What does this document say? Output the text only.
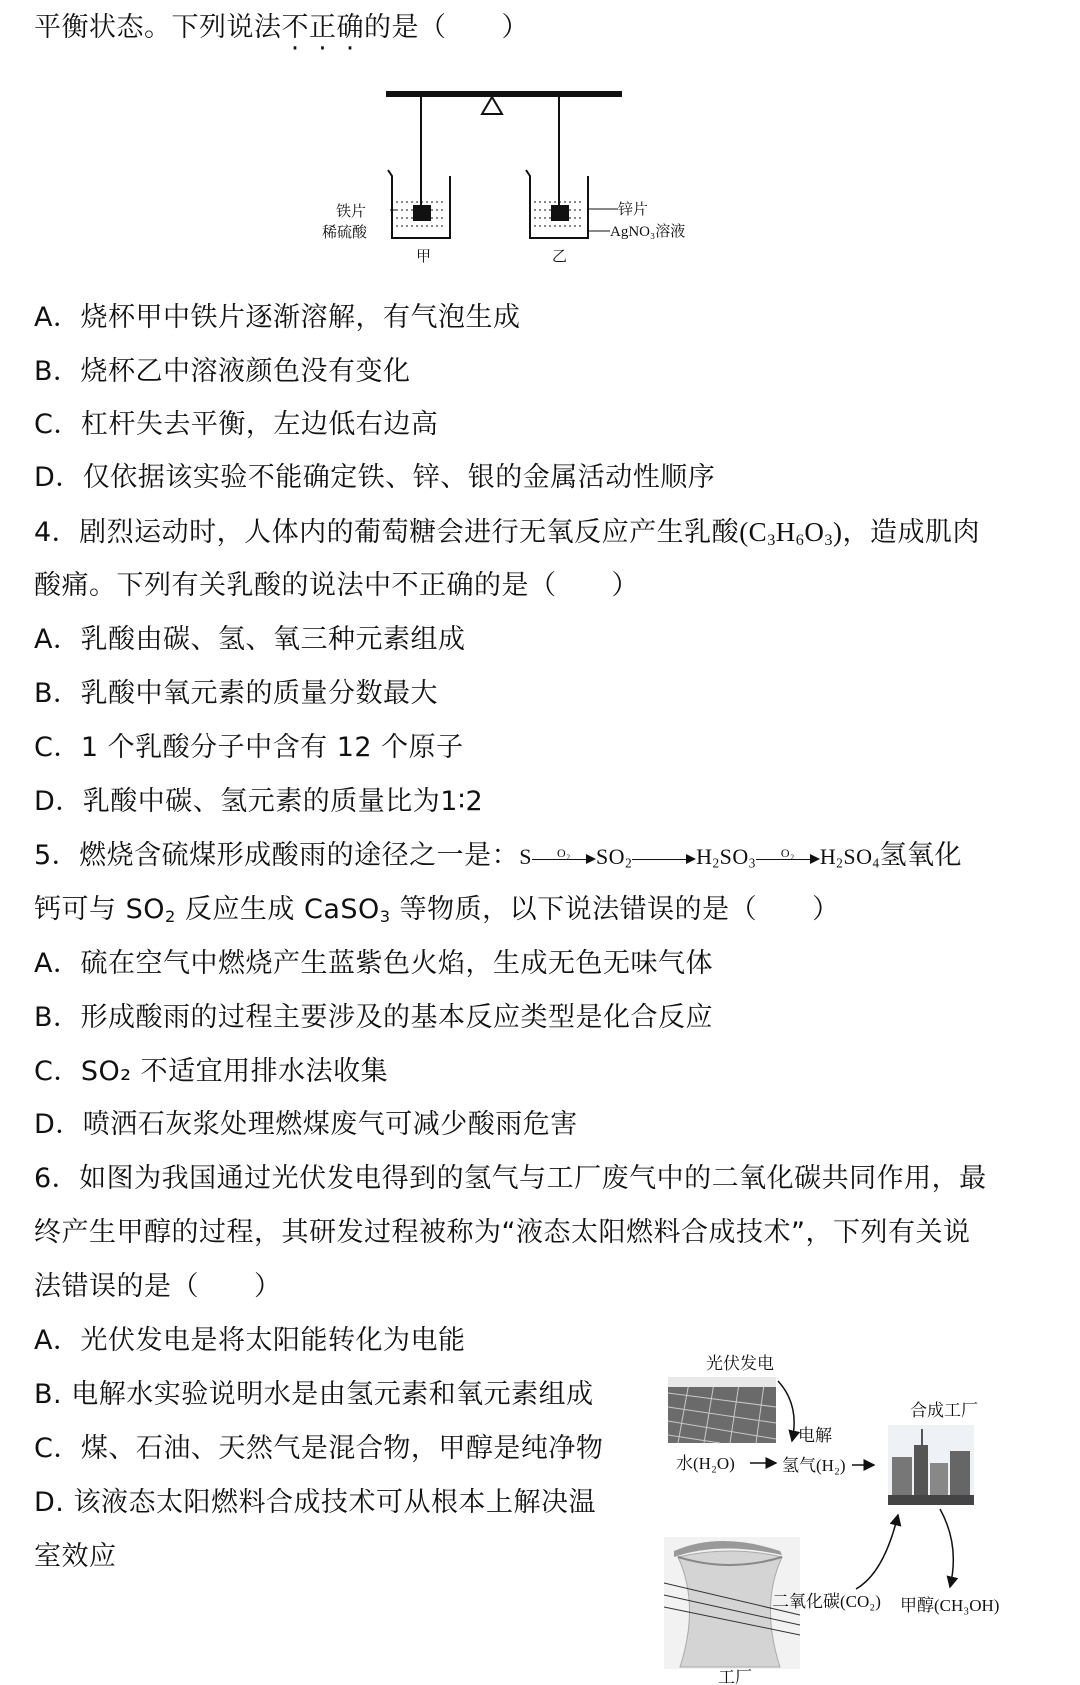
平衡状态。下列说法不正确的是（　　）
铁片
稀硫酸
甲
锌片
AgNO₃溶液
乙
A．烧杯甲中铁片逐渐溶解，有气泡生成
B．烧杯乙中溶液颜色没有变化
C．杠杆失去平衡，左边低右边高
D．仅依据该实验不能确定铁、锌、银的金属活动性顺序
4．剧烈运动时，人体内的葡萄糖会进行无氧反应产生乳酸$(C_3H_6O_3)$，造成肌肉
酸痛。下列有关乳酸的说法中不正确的是（　　）
A．乳酸由碳、氢、氧三种元素组成
B．乳酸中氧元素的质量分数最大
C．1 个乳酸分子中含有 12 个原子
D．乳酸中碳、氢元素的质量比为1∶2
5．燃烧含硫煤形成酸雨的途径之一是：S	O₂	$SO_2$	$H_2SO_3$
O₂	$H_2SO_4$氢氧化
钙可与 $SO_2$ 反应生成 CaSO$_3$ 等物质，以下说法错误的是（　　）
A．硫在空气中燃烧产生蓝紫色火焰，生成无色无味气体
B．形成酸雨的过程主要涉及的基本反应类型是化合反应
C．SO₂ 不适宜用排水法收集
D．喷洒石灰浆处理燃煤废气可减少酸雨危害
6．如图为我国通过光伏发电得到的氢气与工厂废气中的二氧化碳共同作用，最
终产生甲醇的过程，其研发过程被称为“液态太阳燃料合成技术”，下列有关说
法错误的是（　　）
A．光伏发电是将太阳能转化为电能
B. 电解水实验说明水是由氢元素和氧元素组成
C．煤、石油、天然气是混合物，甲醇是纯净物
D. 该液态太阳燃料合成技术可从根本上解决温
室效应
光伏发电
电解
水(H₂O)	氢气(H₂)
合成工厂
工厂
二氧化碳(CO₂) 甲醇(CH₃OH)
